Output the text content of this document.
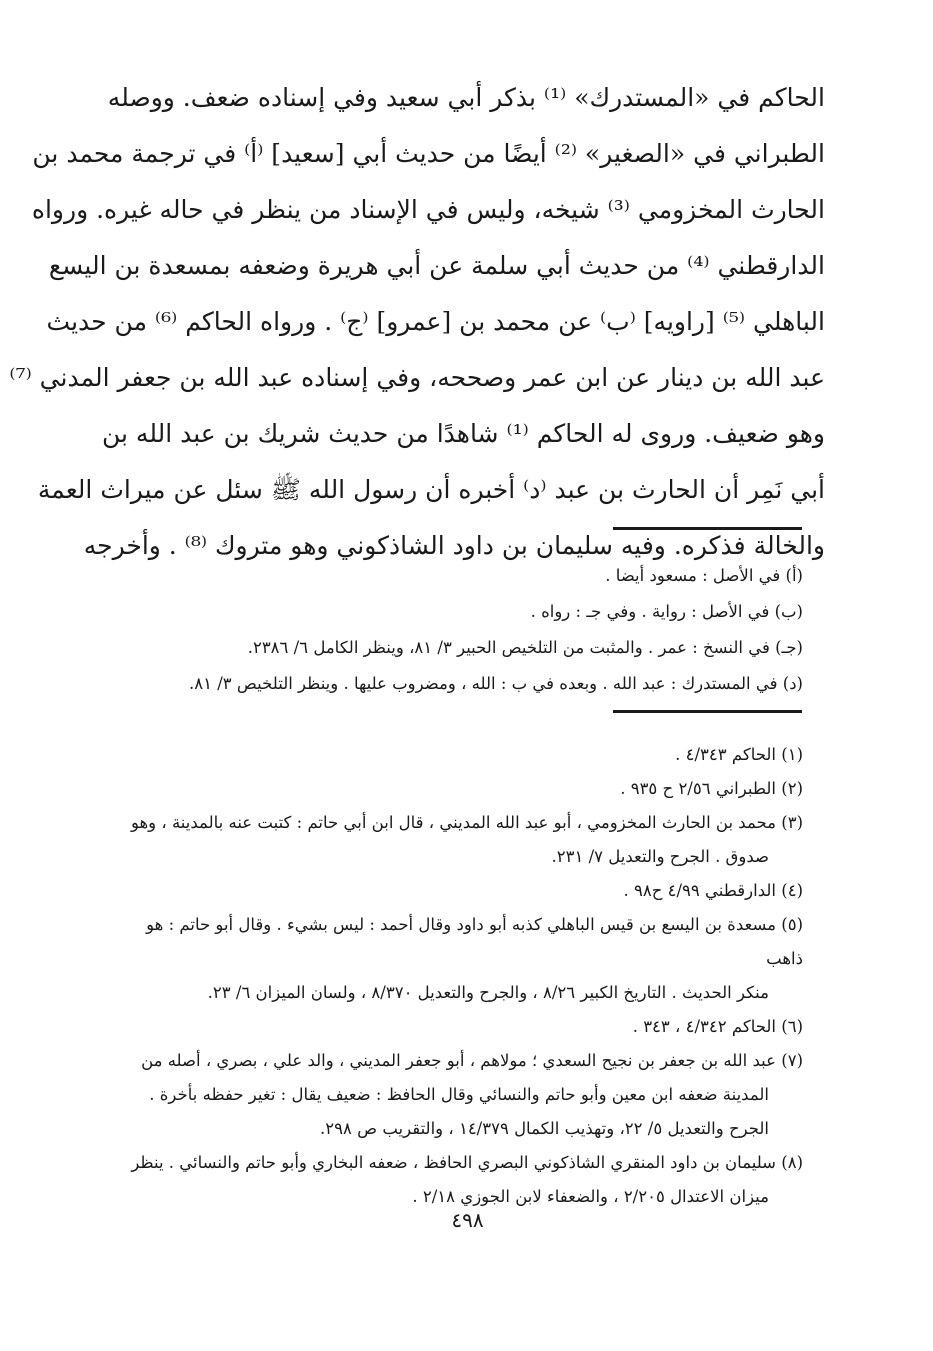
الحاكم في «المستدرك» ⁽¹⁾ بذكر أبي سعيد وفي إسناده ضعف. ووصله
الطبراني في «الصغير» ⁽²⁾ أيضًا من حديث أبي [سعيد] ⁽أ⁾ في ترجمة محمد بن
الحارث المخزومي ⁽³⁾ شيخه، وليس في الإسناد من ينظر في حاله غيره. ورواه
الدارقطني ⁽⁴⁾ من حديث أبي سلمة عن أبي هريرة وضعفه بمسعدة بن اليسع
الباهلي ⁽⁵⁾ [راويه] ⁽ب⁾ عن محمد بن [عمرو] ⁽ج⁾ . ورواه الحاكم ⁽⁶⁾ من حديث
عبد الله بن دينار عن ابن عمر وصححه، وفي إسناده عبد الله بن جعفر المدني ⁽⁷⁾
وهو ضعيف. وروى له الحاكم ⁽¹⁾ شاهدًا من حديث شريك بن عبد الله بن
أبي نَمِر أن الحارث بن عبد ⁽د⁾ أخبره أن رسول الله ﷺ سئل عن ميراث العمة
والخالة فذكره. وفيه سليمان بن داود الشاذكوني وهو متروك ⁽⁸⁾ . وأخرجه
(أ) في الأصل : مسعود أيضا .
(ب) في الأصل : رواية . وفي جـ : رواه .
(جـ) في النسخ : عمر . والمثبت من التلخيص الحبير ٣/ ٨١، وينظر الكامل ٦/ ٢٣٨٦.
(د) في المستدرك : عبد الله . وبعده في ب : الله ، ومضروب عليها . وينظر التلخيص ٣/ ٨١.
(١) الحاكم ٤/٣٤٣ .
(٢) الطبراني ٢/٥٦ ح ٩٣٥ .
(٣) محمد بن الحارث المخزومي ، أبو عبد الله المديني ، قال ابن أبي حاتم : كتبت عنه بالمدينة ، وهو
صدوق . الجرح والتعديل ٧/ ٢٣١.
(٤) الدارقطني ٤/٩٩ ح٩٨ .
(٥) مسعدة بن اليسع بن قيس الباهلي كذبه أبو داود وقال أحمد : ليس بشيء . وقال أبو حاتم : هو ذاهب
منكر الحديث . التاريخ الكبير ٨/٢٦ ، والجرح والتعديل ٨/٣٧٠ ، ولسان الميزان ٦/ ٢٣.
(٦) الحاكم ٤/٣٤٢ ، ٣٤٣ .
(٧) عبد الله بن جعفر بن نجيح السعدي ؛ مولاهم ، أبو جعفر المديني ، والد علي ، بصري ، أصله من
المدينة ضعفه ابن معين وأبو حاتم والنسائي وقال الحافظ : ضعيف يقال : تغير حفظه بأخرة .
الجرح والتعديل ٥/ ٢٢، وتهذيب الكمال ١٤/٣٧٩ ، والتقريب ص ٢٩٨.
(٨) سليمان بن داود المنقري الشاذكوني البصري الحافظ ، ضعفه البخاري وأبو حاتم والنسائي . ينظر
ميزان الاعتدال ٢/٢٠٥ ، والضعفاء لابن الجوزي ٢/١٨ .
٤٩٨
